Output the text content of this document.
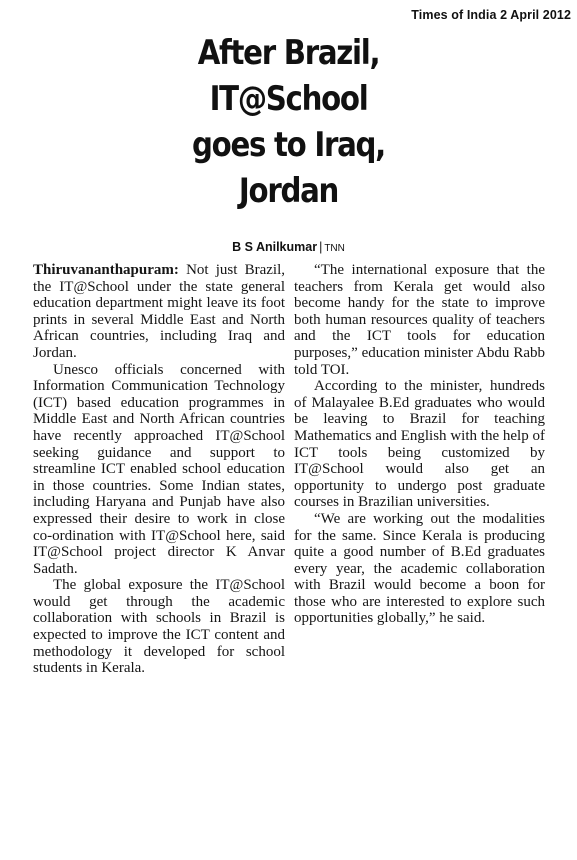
Times of India 2 April 2012
After Brazil,
IT@School
goes to Iraq,
Jordan
B S Anilkumar | TNN

Thiruvananthapuram: Not just Brazil, the IT@School under the state general education department might leave its foot prints in several Middle East and North African countries, including Iraq and Jordan.

Unesco officials concerned with Information Communication Technology (ICT) based education programmes in Middle East and North African countries have recently approached IT@School seeking guidance and support to streamline ICT enabled school education in those countries. Some Indian states, including Haryana and Punjab have also expressed their desire to work in close co-ordination with IT@School here, said IT@School project director K Anvar Sadath.

The global exposure the IT@School would get through the academic collaboration with schools in Brazil is expected to improve the ICT content and methodology it developed for school students in Kerala.

“The international exposure that the teachers from Kerala get would also become handy for the state to improve both human resources quality of teachers and the ICT tools for education purposes,” education minister Abdu Rabb told TOI.

According to the minister, hundreds of Malayalee B.Ed graduates who would be leaving to Brazil for teaching Mathematics and English with the help of ICT tools being customized by IT@School would also get an opportunity to undergo post graduate courses in Brazilian universities.

“We are working out the modalities for the same. Since Kerala is producing quite a good number of B.Ed graduates every year, the academic collaboration with Brazil would become a boon for those who are interested to explore such opportunities globally,” he said.
